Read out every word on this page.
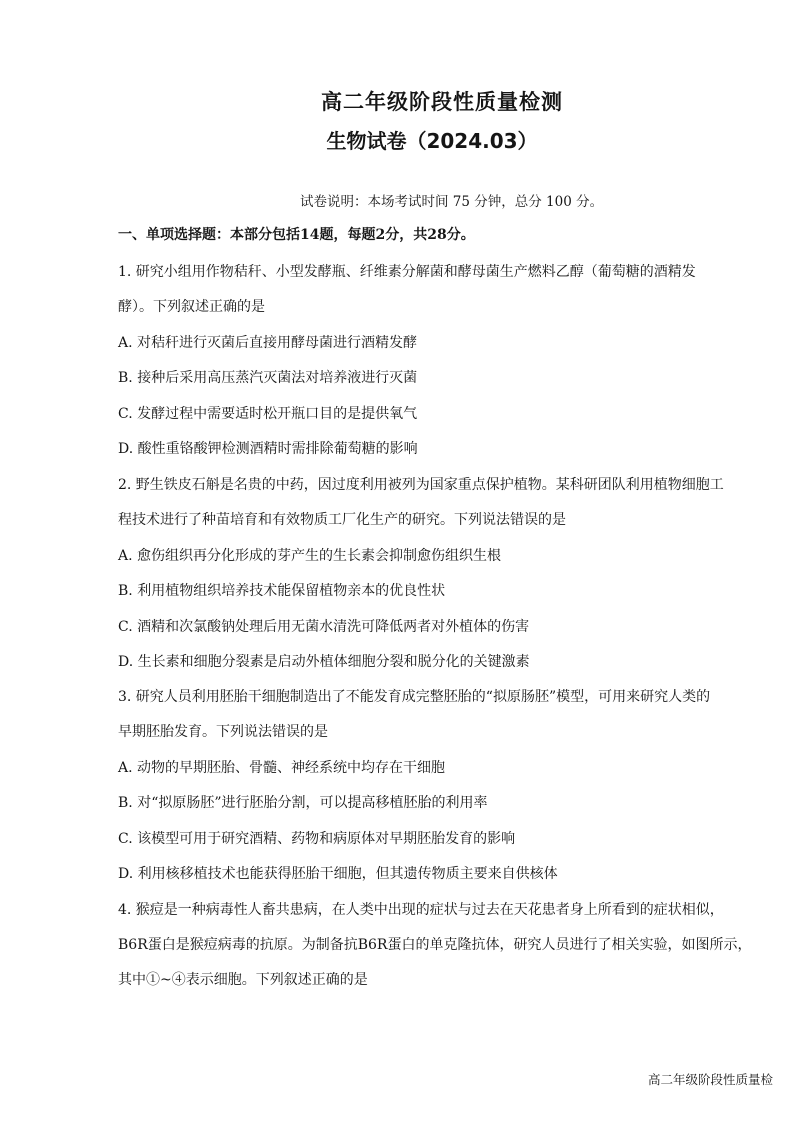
高二年级阶段性质量检测
生物试卷（2024.03）
试卷说明：本场考试时间 75 分钟，总分 100 分。
一、单项选择题：本部分包括14题，每题2分，共28分。
1. 研究小组用作物秸秆、小型发酵瓶、纤维素分解菌和酵母菌生产燃料乙醇（葡萄糖的酒精发
酵）。下列叙述正确的是
A. 对秸秆进行灭菌后直接用酵母菌进行酒精发酵
B. 接种后采用高压蒸汽灭菌法对培养液进行灭菌
C. 发酵过程中需要适时松开瓶口目的是提供氧气
D. 酸性重铬酸钾检测酒精时需排除葡萄糖的影响
2. 野生铁皮石斛是名贵的中药，因过度利用被列为国家重点保护植物。某科研团队利用植物细胞工
程技术进行了种苗培育和有效物质工厂化生产的研究。下列说法错误的是
A. 愈伤组织再分化形成的芽产生的生长素会抑制愈伤组织生根
B. 利用植物组织培养技术能保留植物亲本的优良性状
C. 酒精和次氯酸钠处理后用无菌水清洗可降低两者对外植体的伤害
D. 生长素和细胞分裂素是启动外植体细胞分裂和脱分化的关键激素
3. 研究人员利用胚胎干细胞制造出了不能发育成完整胚胎的“拟原肠胚”模型，可用来研究人类的
早期胚胎发育。下列说法错误的是
A. 动物的早期胚胎、骨髓、神经系统中均存在干细胞
B. 对“拟原肠胚”进行胚胎分割，可以提高移植胚胎的利用率
C. 该模型可用于研究酒精、药物和病原体对早期胚胎发育的影响
D. 利用核移植技术也能获得胚胎干细胞，但其遗传物质主要来自供核体
4. 猴痘是一种病毒性人畜共患病，在人类中出现的症状与过去在天花患者身上所看到的症状相似，
B6R蛋白是猴痘病毒的抗原。为制备抗B6R蛋白的单克隆抗体，研究人员进行了相关实验，如图所示，
其中①~④表示细胞。下列叙述正确的是
高二年级阶段性质量检
